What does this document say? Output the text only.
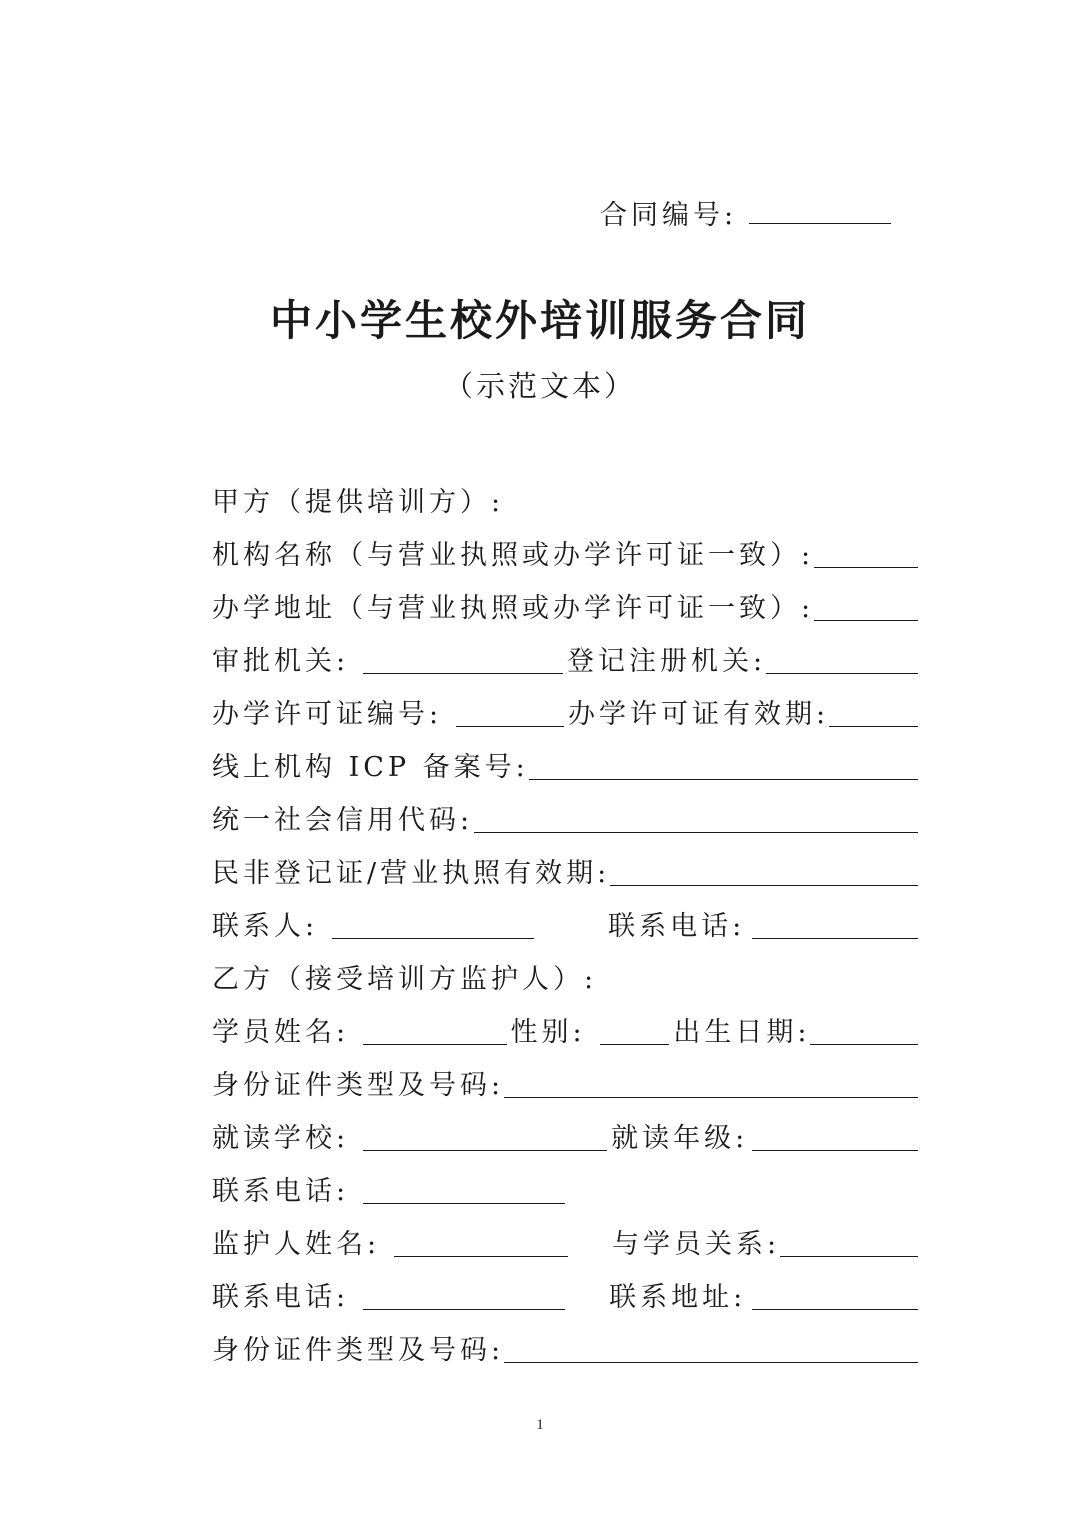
合同编号:
中小学生校外培训服务合同
（示范文本）
甲方（提供培训方）:
机构名称（与营业执照或办学许可证一致）:
办学地址（与营业执照或办学许可证一致）:
审批机关:	登记注册机关:
办学许可证编号:	办学许可证有效期:
线上机构 ICP 备案号:
统一社会信用代码:
民非登记证/营业执照有效期:
联系人:	联系电话:
乙方（接受培训方监护人）:
学员姓名:	性别:	出生日期:
身份证件类型及号码:
就读学校:	就读年级:
联系电话:
监护人姓名:	与学员关系:
联系电话:	联系地址:
身份证件类型及号码:
1
